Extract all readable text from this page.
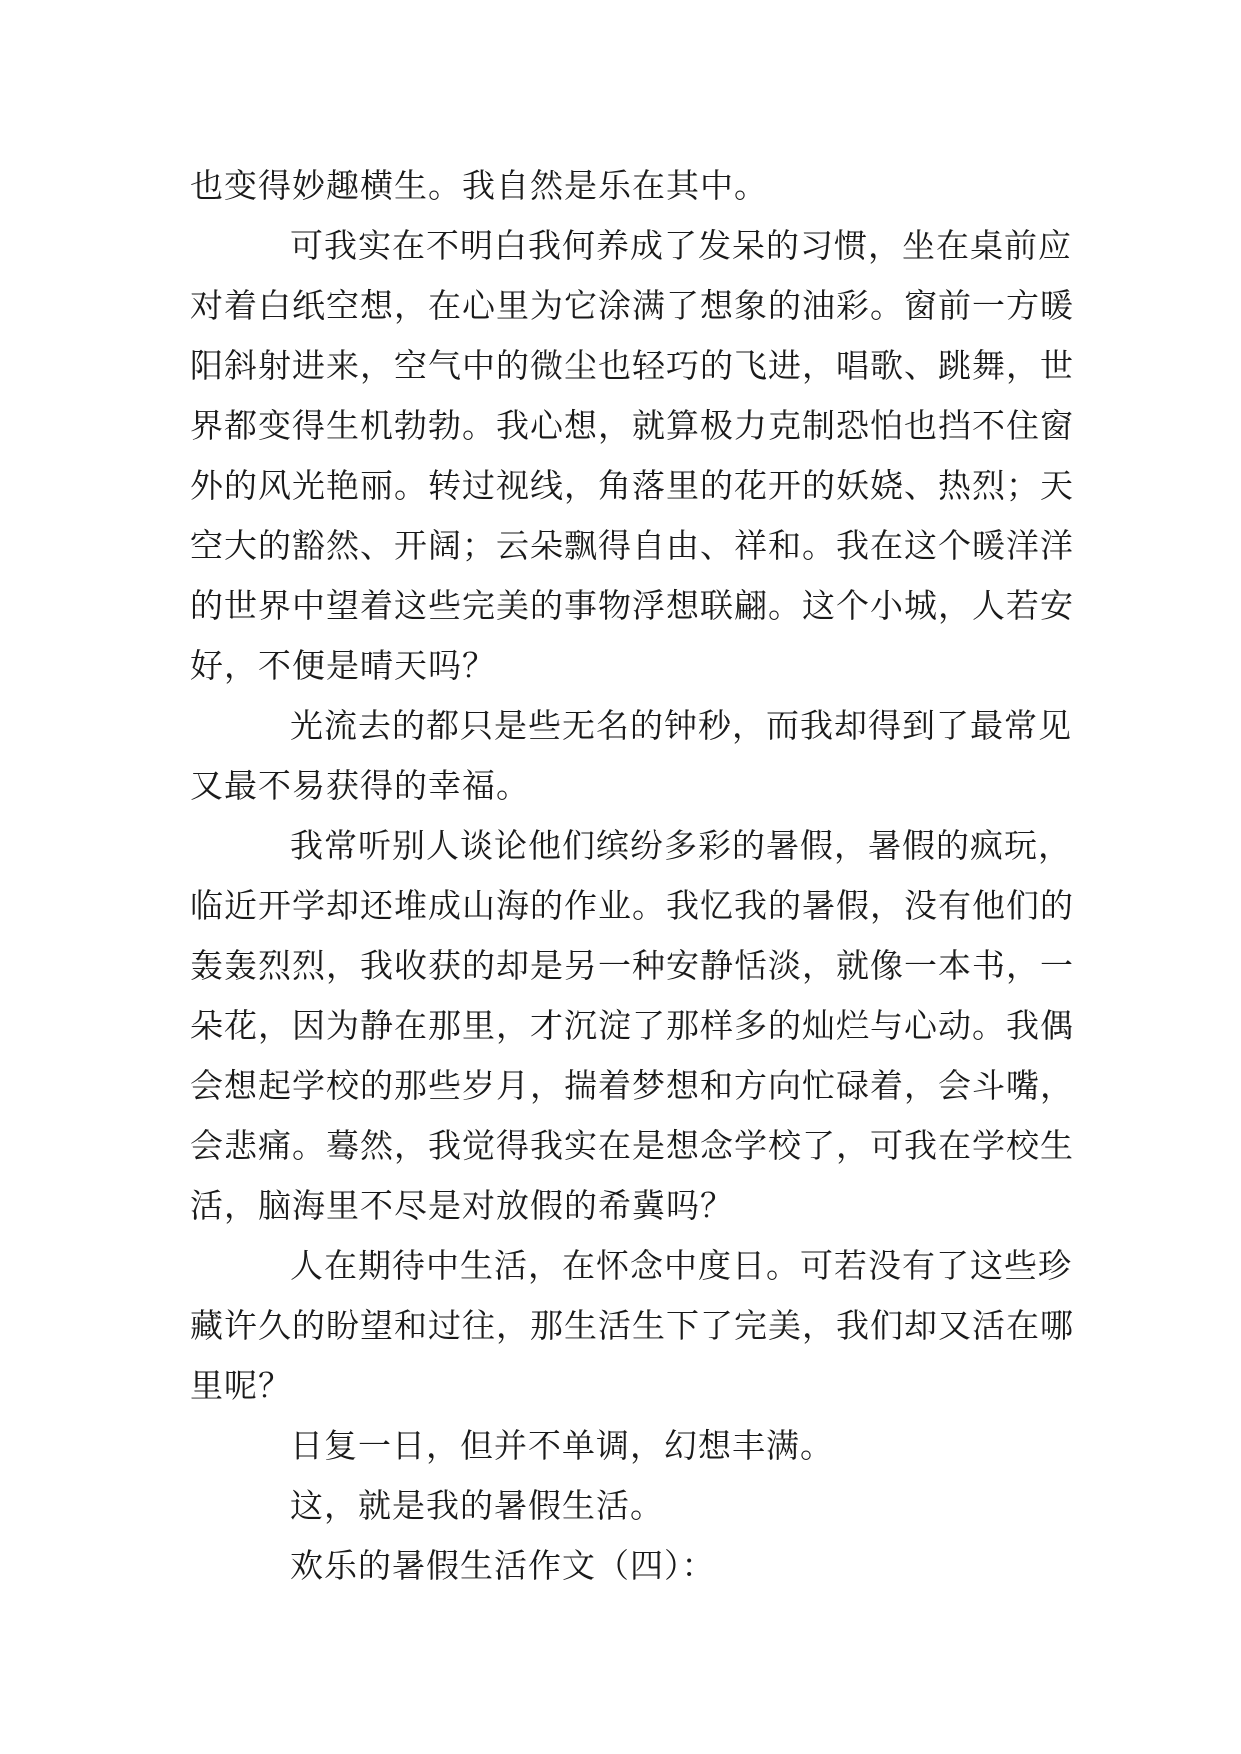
也变得妙趣横生。我自然是乐在其中。

可我实在不明白我何养成了发呆的习惯，坐在桌前应

对着白纸空想，在心里为它涂满了想象的油彩。窗前一方暖

阳斜射进来，空气中的微尘也轻巧的飞进，唱歌、跳舞，世

界都变得生机勃勃。我心想，就算极力克制恐怕也挡不住窗

外的风光艳丽。转过视线，角落里的花开的妖娆、热烈；天

空大的豁然、开阔；云朵飘得自由、祥和。我在这个暖洋洋

的世界中望着这些完美的事物浮想联翩。这个小城，人若安

好，不便是晴天吗？

光流去的都只是些无名的钟秒，而我却得到了最常见

又最不易获得的幸福。

我常听别人谈论他们缤纷多彩的暑假，暑假的疯玩，

临近开学却还堆成山海的作业。我忆我的暑假，没有他们的

轰轰烈烈，我收获的却是另一种安静恬淡，就像一本书，一

朵花，因为静在那里，才沉淀了那样多的灿烂与心动。我偶

会想起学校的那些岁月，揣着梦想和方向忙碌着，会斗嘴，

会悲痛。蓦然，我觉得我实在是想念学校了，可我在学校生

活，脑海里不尽是对放假的希冀吗？

人在期待中生活，在怀念中度日。可若没有了这些珍

藏许久的盼望和过往，那生活生下了完美，我们却又活在哪

里呢？

日复一日，但并不单调，幻想丰满。

这，就是我的暑假生活。

欢乐的暑假生活作文（四）：
